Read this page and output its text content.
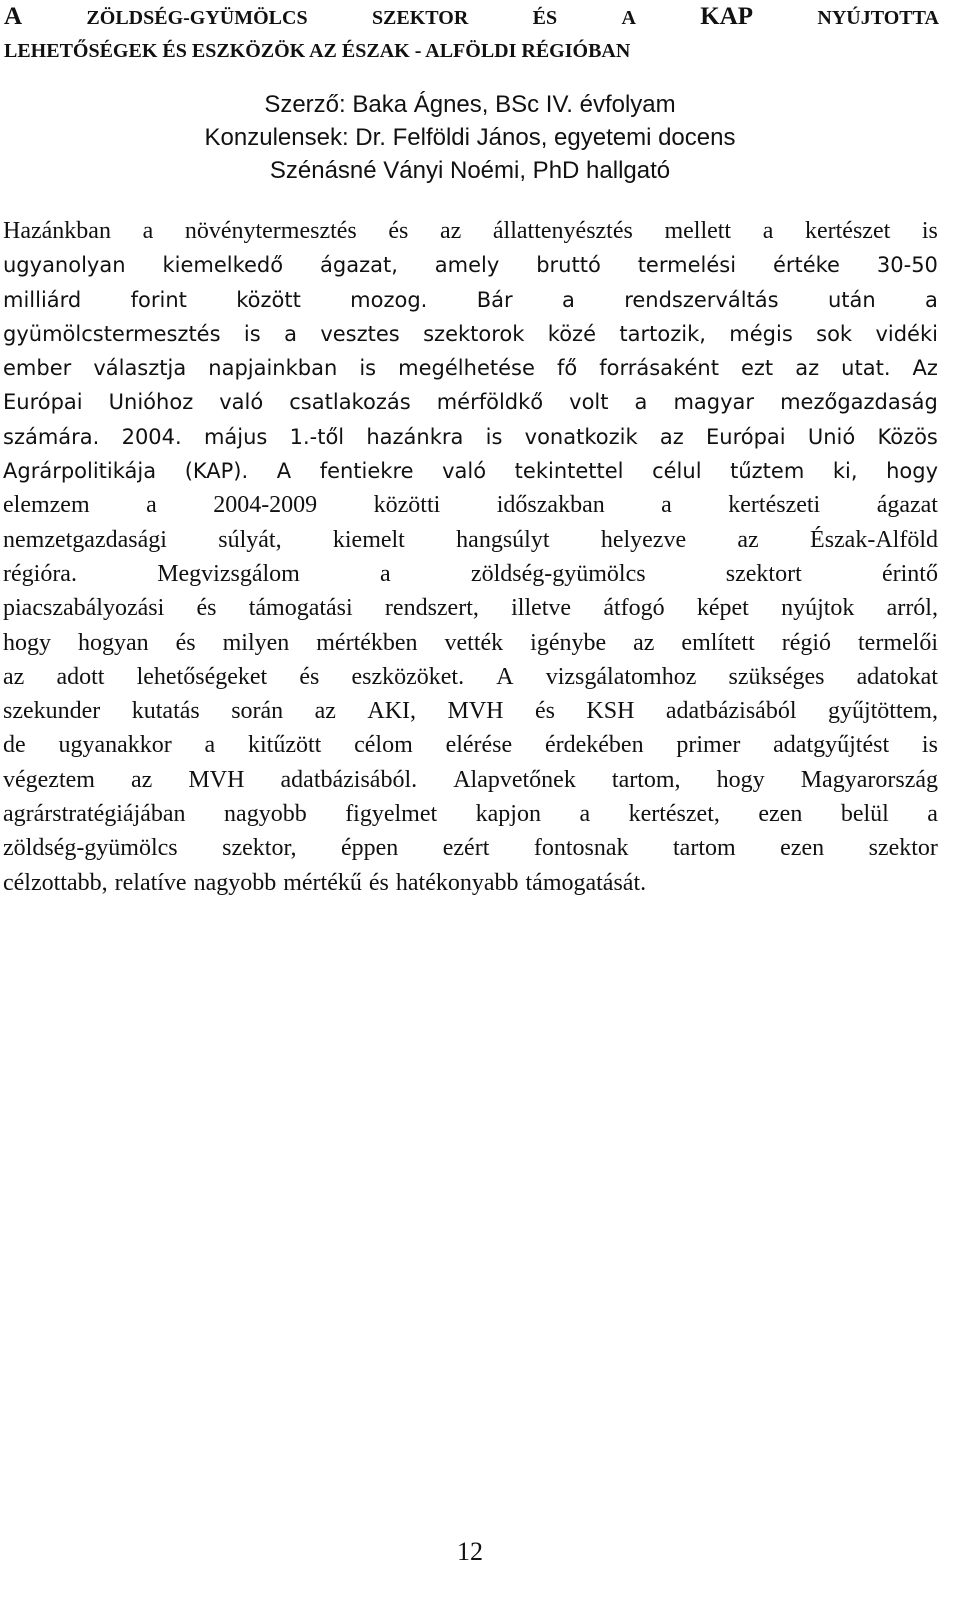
A	ZÖLDSÉG-GYÜMÖLCS	SZEKTOR	ÉS	A	KAP	NYÚJTOTTA
LEHETŐSÉGEK ÉS ESZKÖZÖK AZ ÉSZAK - ALFÖLDI RÉGIÓBAN
Szerző: Baka Ágnes, BSc IV. évfolyam
Konzulensek: Dr. Felföldi János, egyetemi docens
Szénásné Ványi Noémi, PhD hallgató
Hazánkban a növénytermesztés és az állattenyésztés mellett a kertészet is
ugyanolyan kiemelkedő ágazat, amely bruttó termelési értéke 30-50
milliárd forint között mozog. Bár a rendszerváltás után a
gyümölcstermesztés is a vesztes szektorok közé tartozik, mégis sok vidéki
ember választja napjainkban is megélhetése fő forrásaként ezt az utat. Az
Európai Unióhoz való csatlakozás mérföldkő volt a magyar mezőgazdaság
számára. 2004. május 1.-től hazánkra is vonatkozik az Európai Unió Közös
Agrárpolitikája (KAP). A fentiekre való tekintettel célul tűztem ki, hogy
elemzem a 2004-2009 közötti időszakban a kertészeti ágazat
nemzetgazdasági súlyát, kiemelt hangsúlyt helyezve az Észak-Alföld
régióra.	Megvizsgálom	a	zöldség-gyümölcs	szektort	érintő
piacszabályozási és támogatási rendszert, illetve átfogó képet nyújtok arról,
hogy hogyan és milyen mértékben vették igénybe az említett régió termelői
az adott lehetőségeket és eszközöket. A vizsgálatomhoz szükséges adatokat
szekunder kutatás során az AKI, MVH és KSH adatbázisából gyűjtöttem,
de ugyanakkor a kitűzött célom elérése érdekében primer adatgyűjtést is
végeztem az MVH adatbázisából. Alapvetőnek tartom, hogy Magyarország
agrárstratégiájában nagyobb figyelmet kapjon a kertészet, ezen belül a
zöldség-gyümölcs szektor, éppen ezért fontosnak tartom ezen szektor
célzottabb, relatíve nagyobb mértékű és hatékonyabb támogatását.
12
